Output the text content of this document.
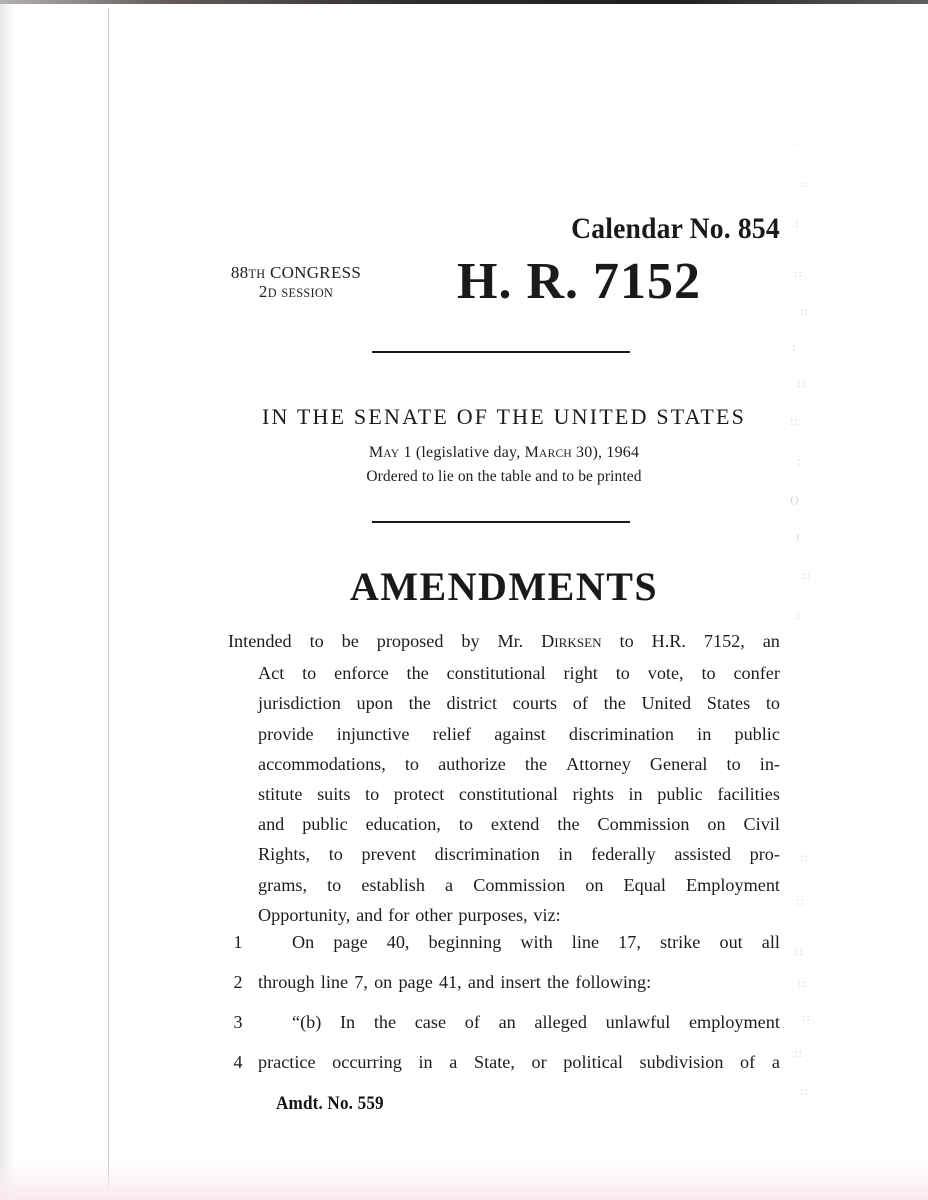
·
::
∶
∷
∷
∶
∷
∷
∶
()
‖
∷
∶
∷
∷
∷
∷
∷
∷
∷
Calendar No. 854
88TH CONGRESS
2D SESSION	H. R. 7152
IN THE SENATE OF THE UNITED STATES
MAY 1 (legislative day, MARCH 30), 1964
Ordered to lie on the table and to be printed
AMENDMENTS
Intended to be proposed by Mr. DIRKSEN to H.R. 7152, an
Act to enforce the constitutional right to vote, to confer
jurisdiction upon the district courts of the United States to
provide injunctive relief against discrimination in public
accommodations, to authorize the Attorney General to in-
stitute suits to protect constitutional rights in public facilities
and public education, to extend the Commission on Civil
Rights, to prevent discrimination in federally assisted pro-
grams, to establish a Commission on Equal Employment
Opportunity, and for other purposes, viz:
1	On page 40, beginning with line 17, strike out all
2 through line 7, on page 41, and insert the following:
3	“(b) In the case of an alleged unlawful employment
4 practice occurring in a State, or political subdivision of a
Amdt. No. 559
